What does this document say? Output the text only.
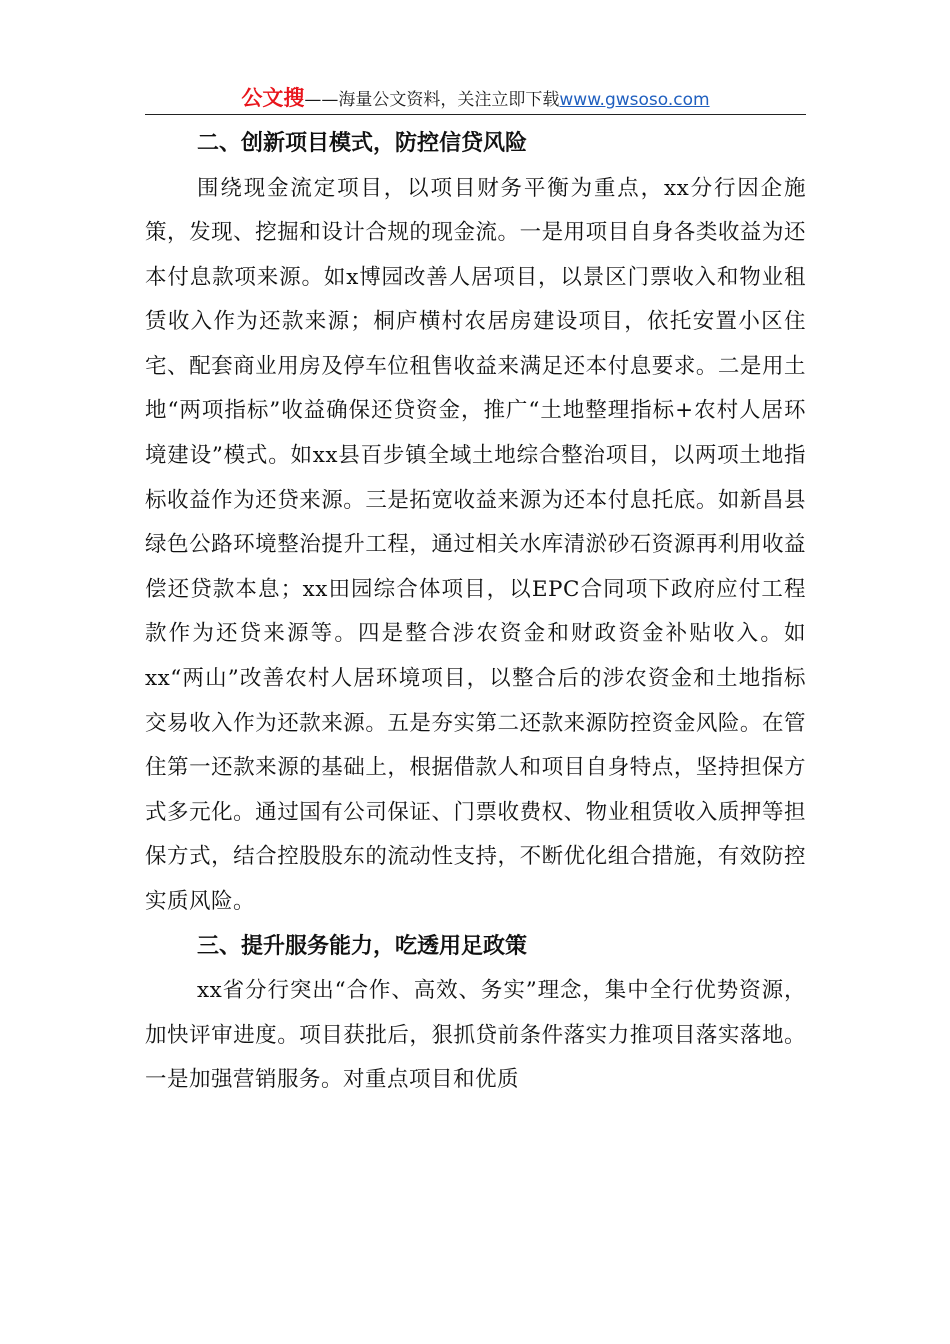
公文搜——海量公文资料，关注立即下载www.gwsoso.com
二、创新项目模式，防控信贷风险

围绕现金流定项目，以项目财务平衡为重点，xx分行因企施策，发现、挖掘和设计合规的现金流。一是用项目自身各类收益为还本付息款项来源。如x博园改善人居项目，以景区门票收入和物业租赁收入作为还款来源；桐庐横村农居房建设项目，依托安置小区住宅、配套商业用房及停车位租售收益来满足还本付息要求。二是用土地“两项指标”收益确保还贷资金，推广“土地整理指标+农村人居环境建设”模式。如xx县百步镇全域土地综合整治项目，以两项土地指标收益作为还贷来源。三是拓宽收益来源为还本付息托底。如新昌县绿色公路环境整治提升工程，通过相关水库清淤砂石资源再利用收益偿还贷款本息；xx田园综合体项目，以EPC合同项下政府应付工程款作为还贷来源等。四是整合涉农资金和财政资金补贴收入。如xx“两山”改善农村人居环境项目，以整合后的涉农资金和土地指标交易收入作为还款来源。五是夯实第二还款来源防控资金风险。在管住第一还款来源的基础上，根据借款人和项目自身特点，坚持担保方式多元化。通过国有公司保证、门票收费权、物业租赁收入质押等担保方式，结合控股股东的流动性支持，不断优化组合措施，有效防控实质风险。

三、提升服务能力，吃透用足政策

xx省分行突出“合作、高效、务实”理念，集中全行优势资源，加快评审进度。项目获批后，狠抓贷前条件落实力推项目落实落地。一是加强营销服务。对重点项目和优质
